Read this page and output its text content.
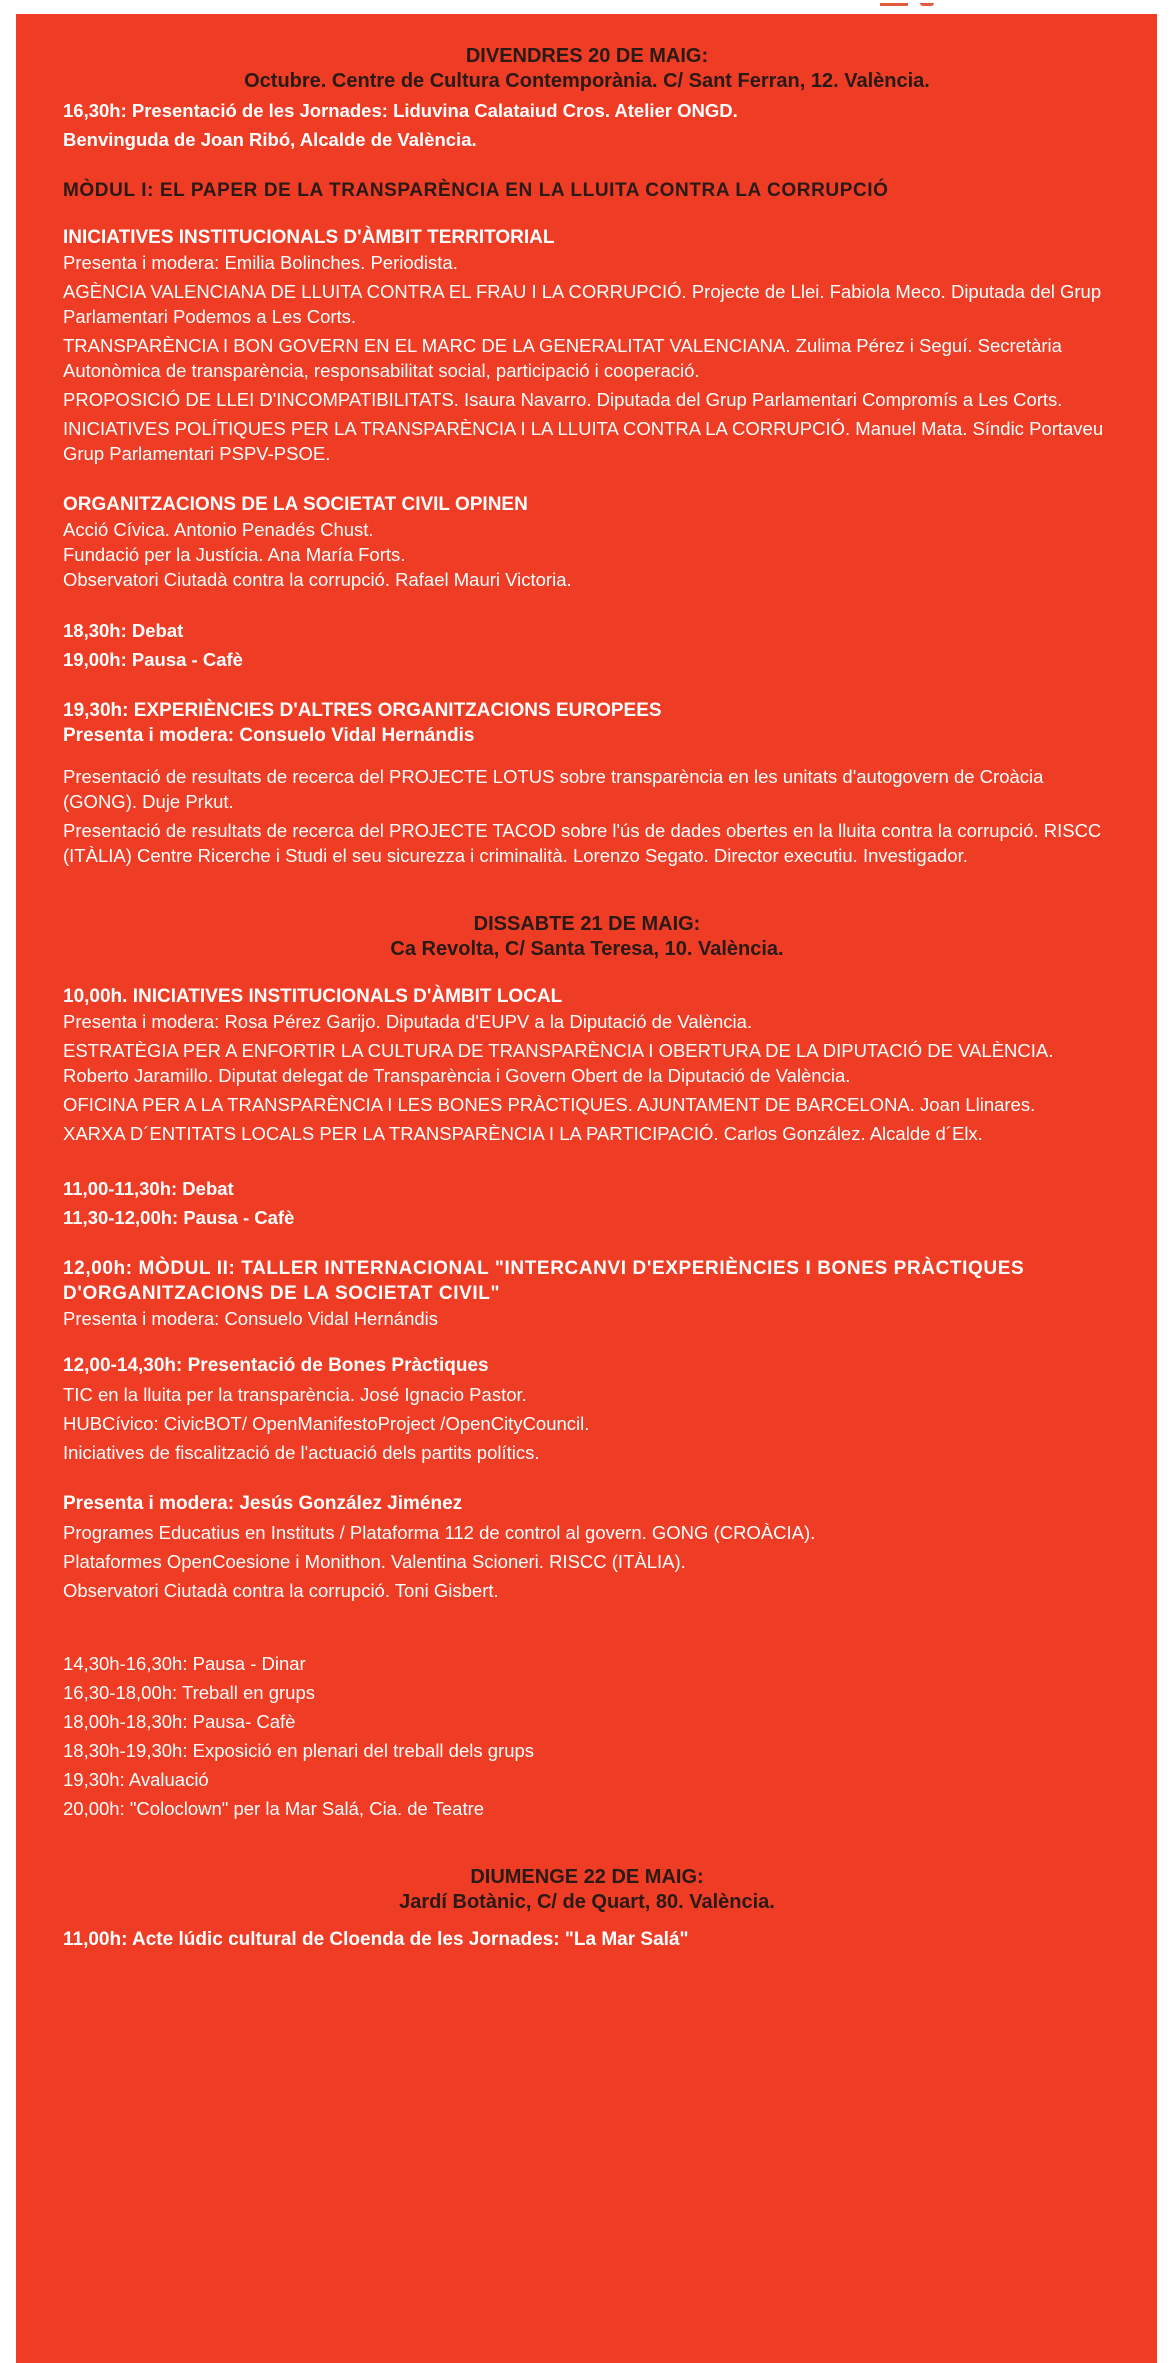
DIVENDRES 20 DE MAIG:
Octubre. Centre de Cultura Contemporània. C/ Sant Ferran, 12. València.
16,30h: Presentació de les Jornades: Liduvina Calataiud Cros. Atelier ONGD.
Benvinguda de Joan Ribó, Alcalde de València.
MÒDUL I: EL PAPER DE LA TRANSPARÈNCIA EN LA LLUITA CONTRA LA CORRUPCIÓ
INICIATIVES INSTITUCIONALS D'ÀMBIT TERRITORIAL
Presenta i modera: Emilia Bolinches. Periodista.
AGÈNCIA VALENCIANA DE LLUITA CONTRA EL FRAU I LA CORRUPCIÓ. Projecte de Llei. Fabiola Meco. Diputada del Grup Parlamentari Podemos a Les Corts.
TRANSPARÈNCIA I BON GOVERN EN EL MARC DE LA GENERALITAT VALENCIANA. Zulima Pérez i Seguí. Secretària Autonòmica de transparència, responsabilitat social, participació i cooperació.
PROPOSICIÓ DE LLEI D'INCOMPATIBILITATS. Isaura Navarro. Diputada del Grup Parlamentari Compromís a Les Corts.
INICIATIVES POLÍTIQUES PER LA TRANSPARÈNCIA I LA LLUITA CONTRA LA CORRUPCIÓ. Manuel Mata. Síndic Portaveu Grup Parlamentari PSPV-PSOE.
ORGANITZACIONS DE LA SOCIETAT CIVIL OPINEN
Acció Cívica. Antonio Penadés Chust.
Fundació per la Justícia. Ana María Forts.
Observatori Ciutadà contra la corrupció. Rafael Mauri Victoria.
18,30h: Debat
19,00h: Pausa - Cafè
19,30h: EXPERIÈNCIES D'ALTRES ORGANITZACIONS EUROPEES
Presenta i modera: Consuelo Vidal Hernándis
Presentació de resultats de recerca del PROJECTE LOTUS sobre transparència en les unitats d'autogovern de Croàcia (GONG). Duje Prkut.
Presentació de resultats de recerca del PROJECTE TACOD sobre l'ús de dades obertes en la lluita contra la corrupció. RISCC (ITÀLIA) Centre Ricerche i Studi el seu sicurezza i criminalità. Lorenzo Segato. Director executiu. Investigador.
DISSABTE 21 DE MAIG:
Ca Revolta, C/ Santa Teresa, 10. València.
10,00h. INICIATIVES INSTITUCIONALS D'ÀMBIT LOCAL
Presenta i modera: Rosa Pérez Garijo. Diputada d'EUPV a la Diputació de València.
ESTRATÈGIA PER A ENFORTIR LA CULTURA DE TRANSPARÈNCIA I OBERTURA DE LA DIPUTACIÓ DE VALÈNCIA. Roberto Jaramillo. Diputat delegat de Transparència i Govern Obert de la Diputació de València.
OFICINA PER A LA TRANSPARÈNCIA I LES BONES PRÀCTIQUES. AJUNTAMENT DE BARCELONA. Joan Llinares.
XARXA D´ENTITATS LOCALS PER LA TRANSPARÈNCIA I LA PARTICIPACIÓ. Carlos González. Alcalde d´Elx.
11,00-11,30h: Debat
11,30-12,00h: Pausa - Cafè
12,00h: MÒDUL II: TALLER INTERNACIONAL "INTERCANVI D'EXPERIÈNCIES I BONES PRÀCTIQUES D'ORGANITZACIONS DE LA SOCIETAT CIVIL"
Presenta i modera: Consuelo Vidal Hernándis
12,00-14,30h: Presentació de Bones Pràctiques
TIC en la lluita per la transparència. José Ignacio Pastor.
HUBCívico: CivicBOT/ OpenManifestoProject /OpenCityCouncil.
Iniciatives de fiscalització de l'actuació dels partits polítics.
Presenta i modera: Jesús González Jiménez
Programes Educatius en Instituts / Plataforma 112 de control al govern. GONG (CROÀCIA).
Plataformes OpenCoesione i Monithon. Valentina Scioneri. RISCC (ITÀLIA).
Observatori Ciutadà contra la corrupció. Toni Gisbert.
14,30h-16,30h: Pausa - Dinar
16,30-18,00h: Treball en grups
18,00h-18,30h: Pausa- Cafè
18,30h-19,30h: Exposició en plenari del treball dels grups
19,30h: Avaluació
20,00h: "Coloclown" per la Mar Salá, Cia. de Teatre
DIUMENGE 22 DE MAIG:
Jardí Botànic, C/ de Quart, 80. València.
11,00h: Acte lúdic cultural de Cloenda de les Jornades: "La Mar Salá"
